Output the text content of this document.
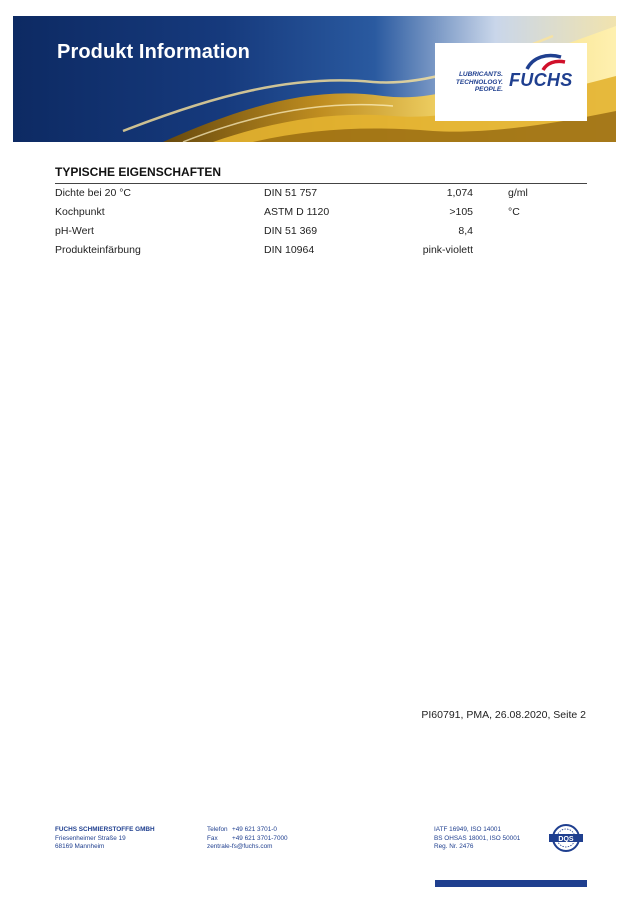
Produkt Information
LUBRICANTS.
TECHNOLOGY.
PEOPLE. FUCHS
TYPISCHE EIGENSCHAFTEN
Dichte bei 20 °C	DIN 51 757	1,074	g/ml
Kochpunkt	ASTM D 1120	>105	°C
pH-Wert	DIN 51 369	8,4
Produkteinfärbung	DIN 10964	pink-violett
PI60791, PMA, 26.08.2020, Seite 2
FUCHS SCHMIERSTOFFE GMBH
Friesenheimer Straße 19
68169 Mannheim
Telefon +49 621 3701-0
Fax +49 621 3701-7000
zentrale-fs@fuchs.com
IATF 16949, ISO 14001
BS OHSAS 18001, ISO 50001
Reg. Nr. 2476
DQS
